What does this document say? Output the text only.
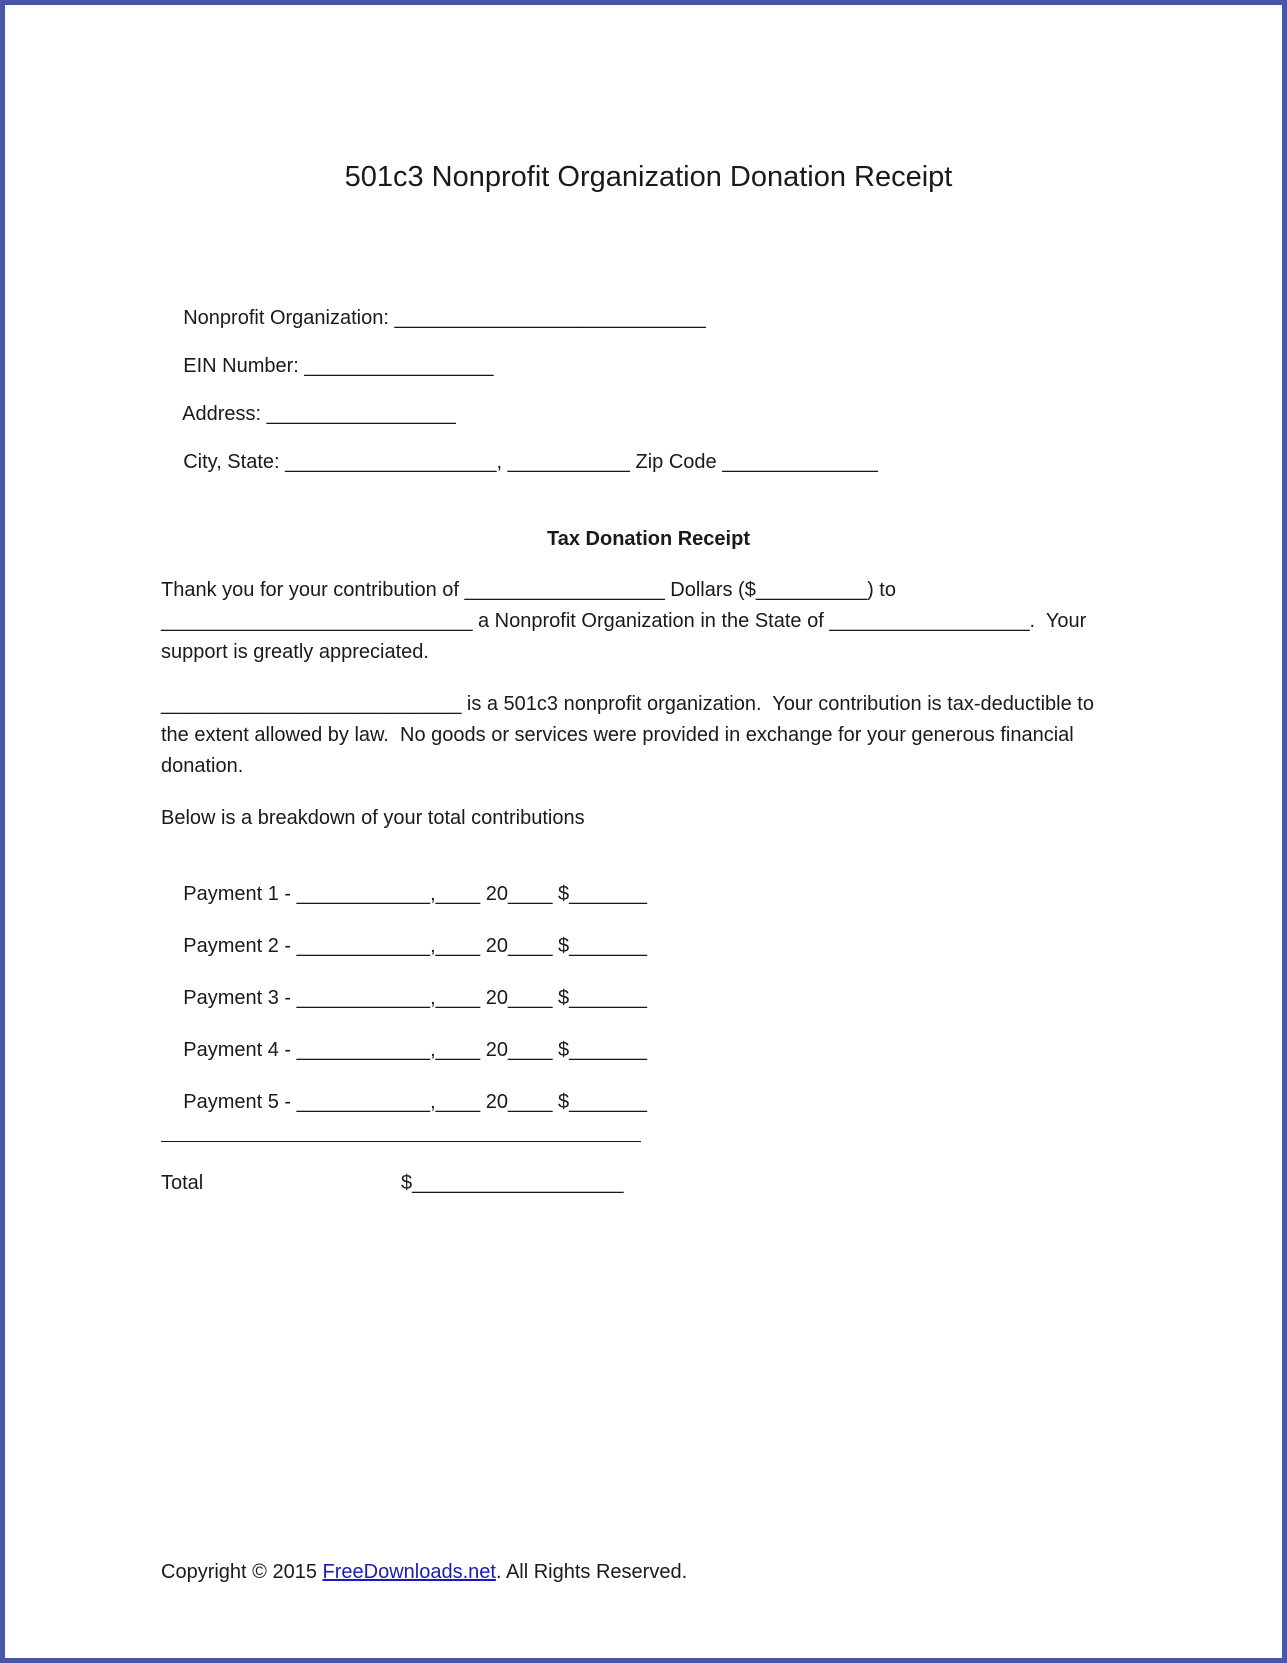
501c3 Nonprofit Organization Donation Receipt

Nonprofit Organization: ____________________________

EIN Number: _________________

Address: _________________

City, State: ___________________, ___________ Zip Code ______________

Tax Donation Receipt

Thank you for your contribution of __________________ Dollars ($__________) to ____________________________ a Nonprofit Organization in the State of __________________.  Your support is greatly appreciated.

___________________________ is a 501c3 nonprofit organization.  Your contribution is tax-deductible to the extent allowed by law.  No goods or services were provided in exchange for your generous financial donation.

Below is a breakdown of your total contributions

Payment 1 - ____________,____ 20____ $_______

Payment 2 - ____________,____ 20____ $_______

Payment 3 - ____________,____ 20____ $_______

Payment 4 - ____________,____ 20____ $_______

Payment 5 - ____________,____ 20____ $_______

Total	$___________________
Copyright © 2015 FreeDownloads.net. All Rights Reserved.
